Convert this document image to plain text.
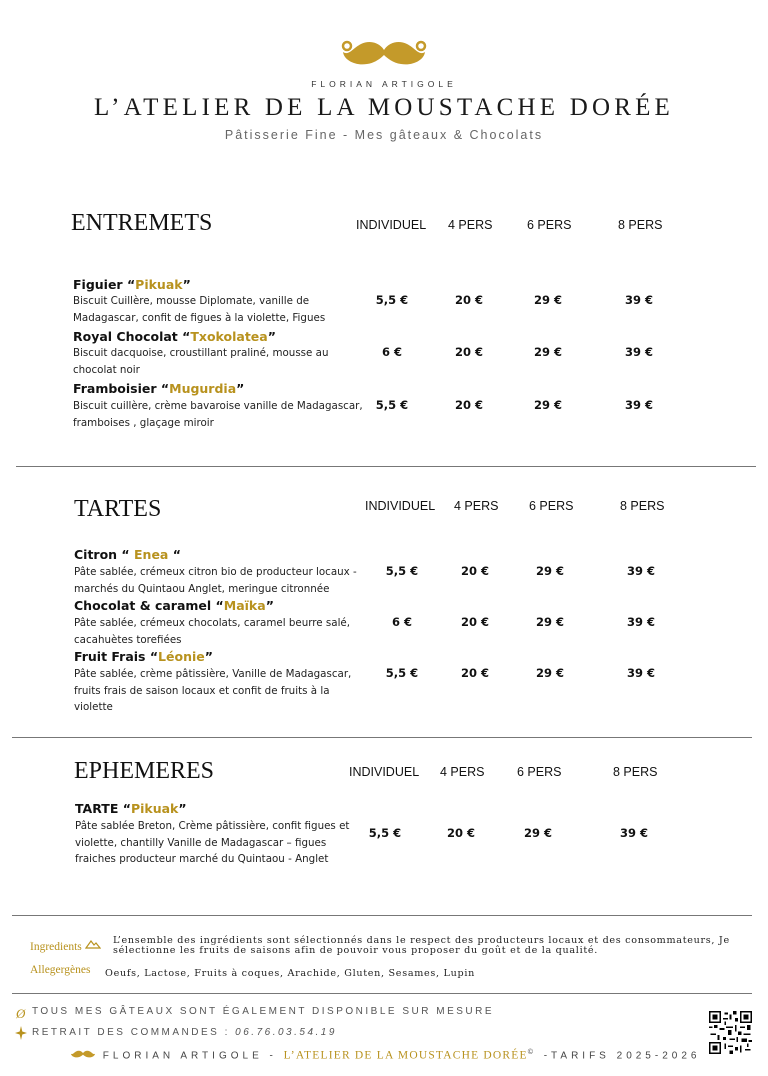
FLORIAN ARTIGOLE
L’ATELIER DE LA MOUSTACHE DORÉE
Pâtisserie Fine - Mes gâteaux & Chocolats
ENTREMETS	INDIVIDUEL 4 PERS	6 PERS	8 PERS
Figuier “Pikuak”
Biscuit Cuillère, mousse Diplomate, vanille de Madagascar, confit de figues à la violette, Figues
5,5 €	20 €	29 €	39 €
Royal Chocolat “Txokolatea”
Biscuit dacquoise, croustillant praliné, mousse au chocolat noir
6 €	20 €	29 €	39 €
Framboisier “Mugurdia”
Biscuit cuillère, crème bavaroise vanille de Madagascar, framboises , glaçage miroir
5,5 €	20 €	29 €	39 €
TARTES	INDIVIDUEL 4 PERS 6 PERS	8 PERS
Citron “ Enea “
Pâte sablée, crémeux citron bio de producteur locaux - marchés du Quintaou Anglet, meringue citronnée
5,5 €	20 €	29 €	39 €
Chocolat & caramel “Maïka”
Pâte sablée, crémeux chocolats, caramel beurre salé, cacahuètes torefiées
6 €	20 €	29 €	39 €
Fruit Frais “Léonie”
Pâte sablée, crème pâtissière, Vanille de Madagascar, fruits frais de saison locaux et confit de fruits à la violette
5,5 €	20 €	29 €	39 €
EPHEMERES	INDIVIDUEL 4 PERS	6 PERS	8 PERS
TARTE “Pikuak”
Pâte sablée Breton, Crème pâtissière, confit figues et violette, chantilly Vanille de Madagascar – figues fraiches producteur marché du Quintaou - Anglet
5,5 €	20 €	29 €	39 €
Ingredients
L’ensemble des ingrédients sont sélectionnés dans le respect des producteurs locaux et des consommateurs, Je sélectionne les fruits de saisons afin de pouvoir vous proposer du goût et de la qualité.
Allegergènes Oeufs, Lactose, Fruits à coques, Arachide, Gluten, Sesames, Lupin
Ø TOUS MES GÂTEAUX SONT ÉGALEMENT DISPONIBLE SUR MESURE
RETRAIT DES COMMANDES : 06.76.03.54.19
FLORIAN ARTIGOLE - L’ATELIER DE LA MOUSTACHE DORÉE© -TARIFS 2025-2026
